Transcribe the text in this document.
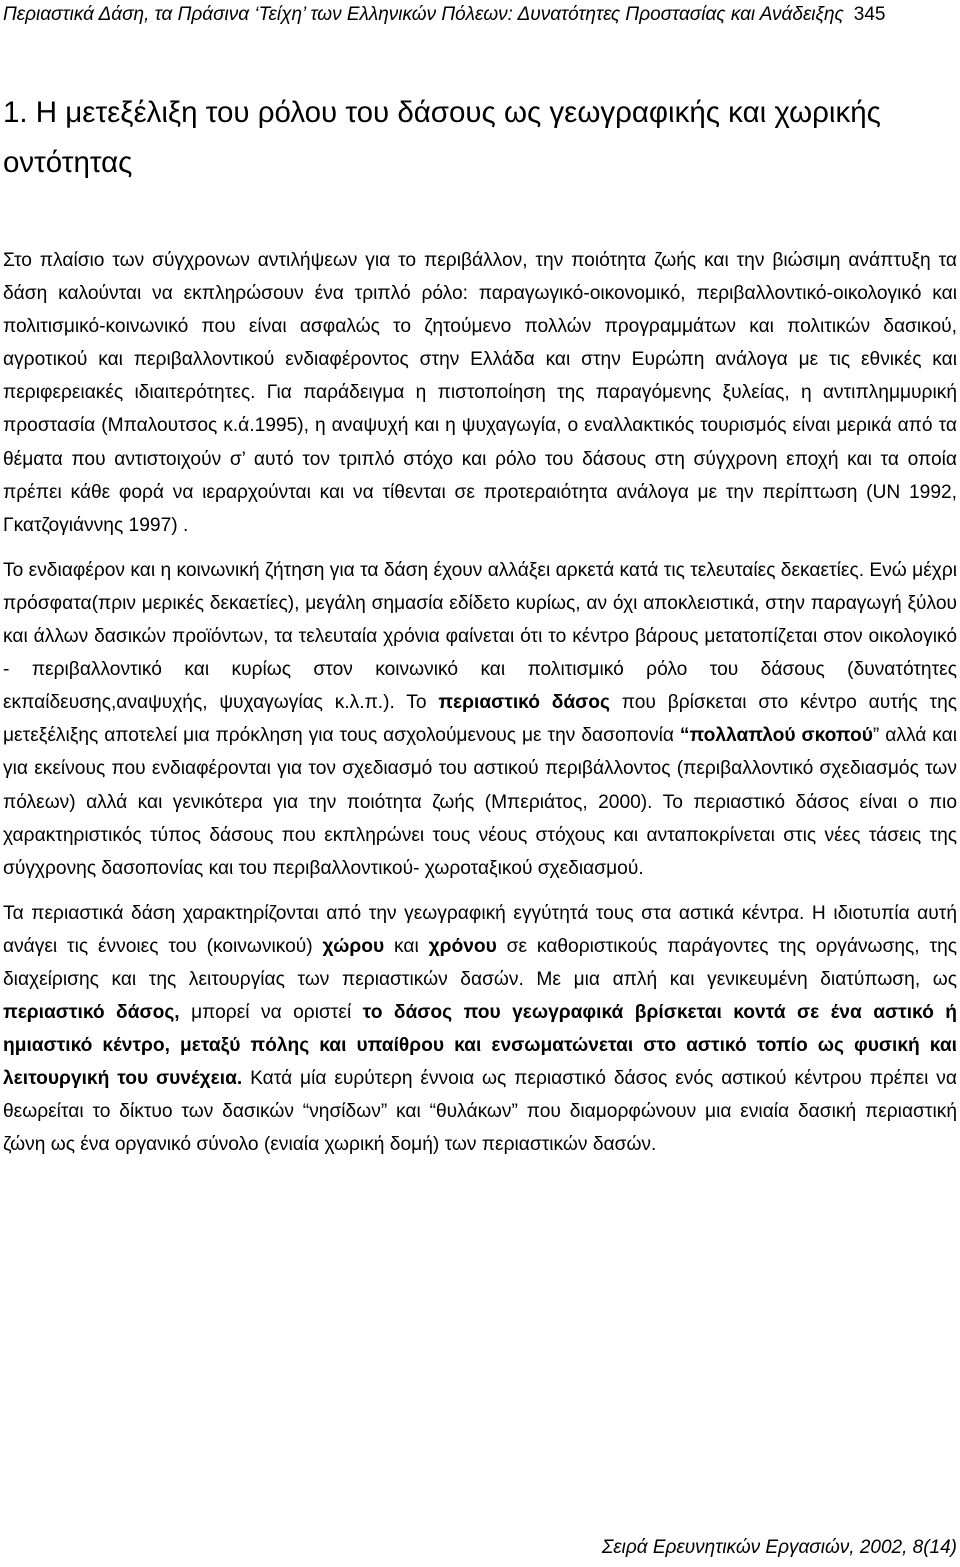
Περιαστικά Δάση, τα Πράσινα ‘Τείχη’ των Ελληνικών Πόλεων: Δυνατότητες Προστασίας και Ανάδειξης 345
1. Η μετεξέλιξη του ρόλου του δάσους ως γεωγραφικής και χωρικής οντότητας

Στο πλαίσιο των σύγχρονων αντιλήψεων για το περιβάλλον, την ποιότητα ζωής και την βιώσιμη ανάπτυξη τα δάση καλούνται να εκπληρώσουν ένα τριπλό ρόλο: παραγωγικό-οικονομικό, περιβαλλοντικό-οικολογικό και πολιτισμικό-κοινωνικό που είναι ασφαλώς το ζητούμενο πολλών προγραμμάτων και πολιτικών δασικού, αγροτικού και περιβαλλοντικού ενδιαφέροντος στην Ελλάδα και στην Ευρώπη ανάλογα με τις εθνικές και περιφερειακές ιδιαιτερότητες. Για παράδειγμα η πιστοποίηση της παραγόμενης ξυλείας, η αντιπλημμυρική προστασία (Μπαλουτσος κ.ά.1995), η αναψυχή και η ψυχαγωγία, ο εναλλακτικός τουρισμός είναι μερικά από τα θέματα που αντιστοιχούν σ’ αυτό τον τριπλό στόχο και ρόλο του δάσους στη σύγχρονη εποχή και τα οποία πρέπει κάθε φορά να ιεραρχούνται και να τίθενται σε προτεραιότητα ανάλογα με την περίπτωση (UN 1992, Γκατζογιάννης 1997) .

Το ενδιαφέρον και η κοινωνική ζήτηση για τα δάση έχουν αλλάξει αρκετά κατά τις τελευταίες δεκαετίες. Ενώ μέχρι πρόσφατα(πριν μερικές δεκαετίες), μεγάλη σημασία εδίδετο κυρίως, αν όχι αποκλειστικά, στην παραγωγή ξύλου και άλλων δασικών προϊόντων, τα τελευταία χρόνια φαίνεται ότι το κέντρο βάρους μετατοπίζεται στον οικολογικό - περιβαλλοντικό και κυρίως στον κοινωνικό και πολιτισμικό ρόλο του δάσους (δυνατότητες εκπαίδευσης,αναψυχής, ψυχαγωγίας κ.λ.π.). Το περιαστικό δάσος που βρίσκεται στο κέντρο αυτής της μετεξέλιξης αποτελεί μια πρόκληση για τους ασχολούμενους με την δασοπονία “πολλαπλού σκοπού” αλλά και για εκείνους που ενδιαφέρονται για τον σχεδιασμό του αστικού περιβάλλοντος (περιβαλλοντικό σχεδιασμός των πόλεων) αλλά και γενικότερα για την ποιότητα ζωής (Μπεριάτος, 2000). Το περιαστικό δάσος είναι ο πιο χαρακτηριστικός τύπος δάσους που εκπληρώνει τους νέους στόχους και ανταποκρίνεται στις νέες τάσεις της σύγχρονης δασοπονίας και του περιβαλλοντικού- χωροταξικού σχεδιασμού.

Τα περιαστικά δάση χαρακτηρίζονται από την γεωγραφική εγγύτητά τους στα αστικά κέντρα. Η ιδιοτυπία αυτή ανάγει τις έννοιες του (κοινωνικού) χώρου και χρόνου σε καθοριστικούς παράγοντες της οργάνωσης, της διαχείρισης και της λειτουργίας των περιαστικών δασών. Με μια απλή και γενικευμένη διατύπωση, ως περιαστικό δάσος, μπορεί να οριστεί το δάσος που γεωγραφικά βρίσκεται κοντά σε ένα αστικό ή ημιαστικό κέντρο, μεταξύ πόλης και υπαίθρου και ενσωματώνεται στο αστικό τοπίο ως φυσική και λειτουργική του συνέχεια. Κατά μία ευρύτερη έννοια ως περιαστικό δάσος ενός αστικού κέντρου πρέπει να θεωρείται το δίκτυο των δασικών “νησίδων” και “θυλάκων” που διαμορφώνουν μια ενιαία δασική περιαστική ζώνη ως ένα οργανικό σύνολο (ενιαία χωρική δομή) των περιαστικών δασών.

Σειρά Ερευνητικών Εργασιών, 2002, 8(14)
